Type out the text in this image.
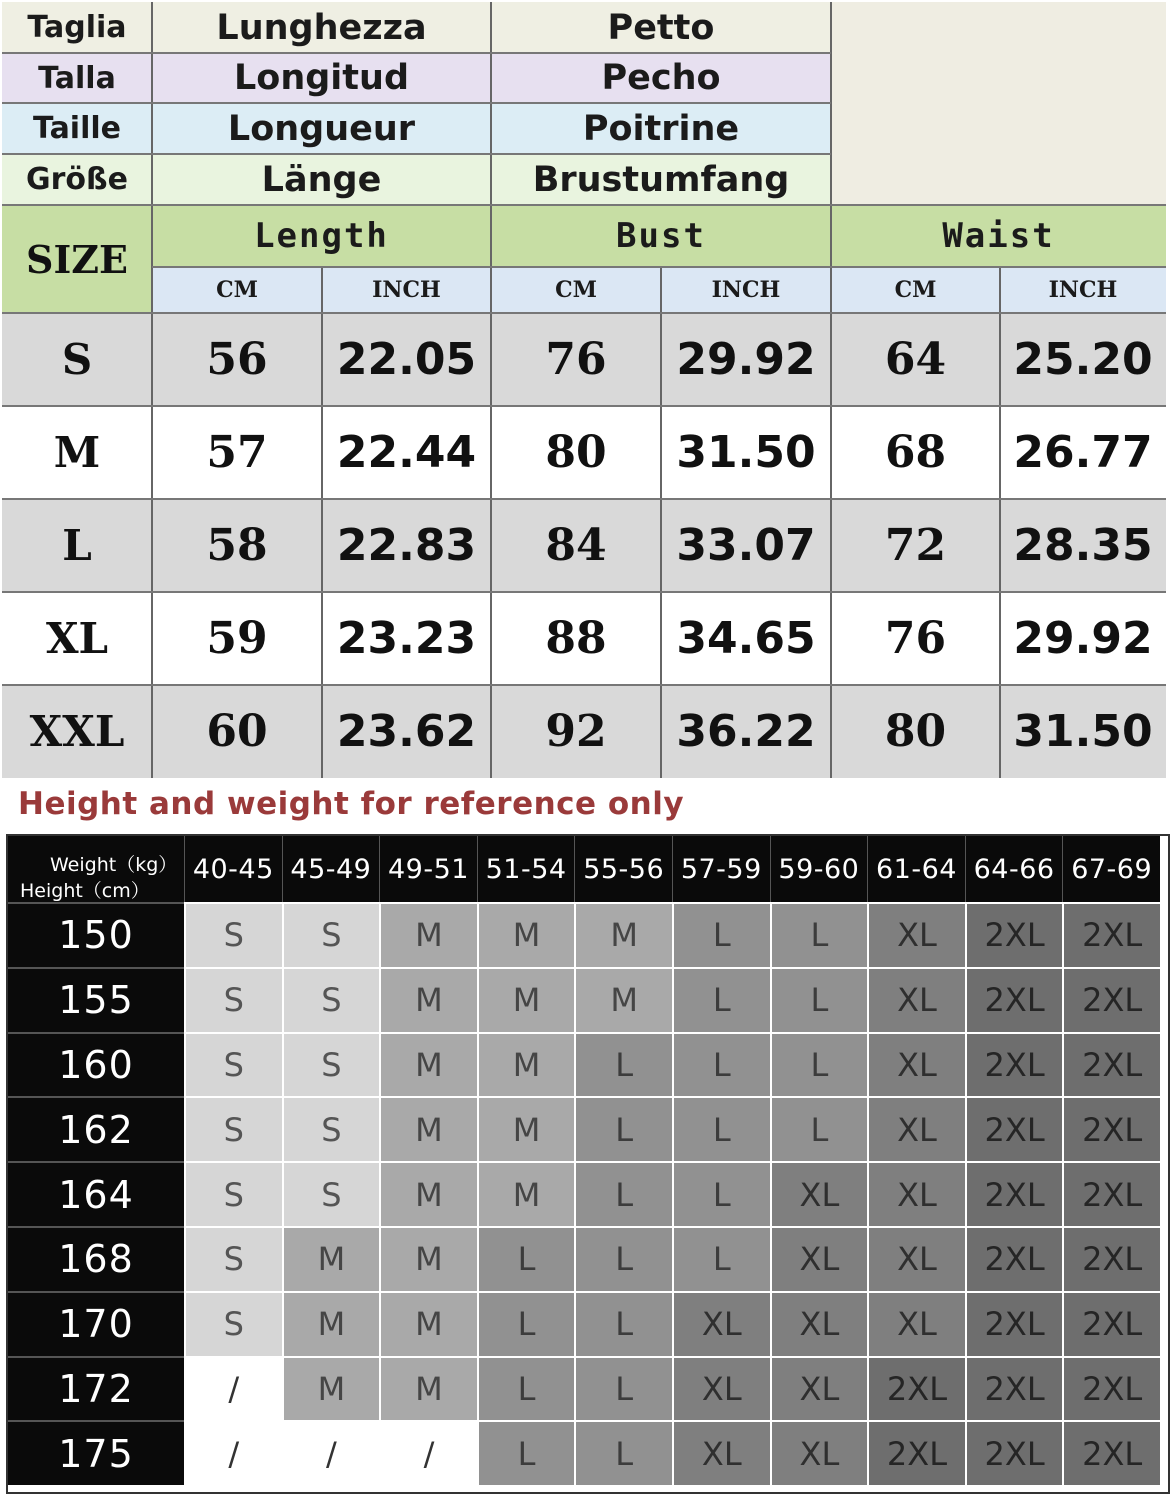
Taglia	Lunghezza	Petto
Talla	Longitud	Pecho
Taille	Longueur	Poitrine
Größe	Länge	Brustumfang
SIZE
Length	Bust	Waist
CM	INCH	CM	INCH	CM	INCH
S	56	22.05	76	29.92	64	25.20
M	57	22.44	80	31.50	68	26.77
L	58	22.83	84	33.07	72	28.35
XL	59	23.23	88	34.65	76	29.92
XXL	60	23.62	92	36.22	80	31.50
Height and weight for reference only
Weight（kg）
Height（cm）
40-45 45-49 49-51 51-54 55-56 57-59 59-60 61-64 64-66 67-69
150	S	S	M	M	M	L	L	XL	2XL	2XL
155	S	S	M	M	M	L	L	XL	2XL	2XL
160	S	S	M	M	L	L	L	XL	2XL	2XL
162	S	S	M	M	L	L	L	XL	2XL	2XL
164	S	S	M	M	L	L	XL	XL	2XL	2XL
168	S	M	M	L	L	L	XL	XL	2XL	2XL
170	S	M	M	L	L	XL	XL	XL	2XL	2XL
172	/	M	M	L	L	XL	XL	2XL	2XL	2XL
175	/	/	/	L	L	XL	XL	2XL	2XL	2XL
